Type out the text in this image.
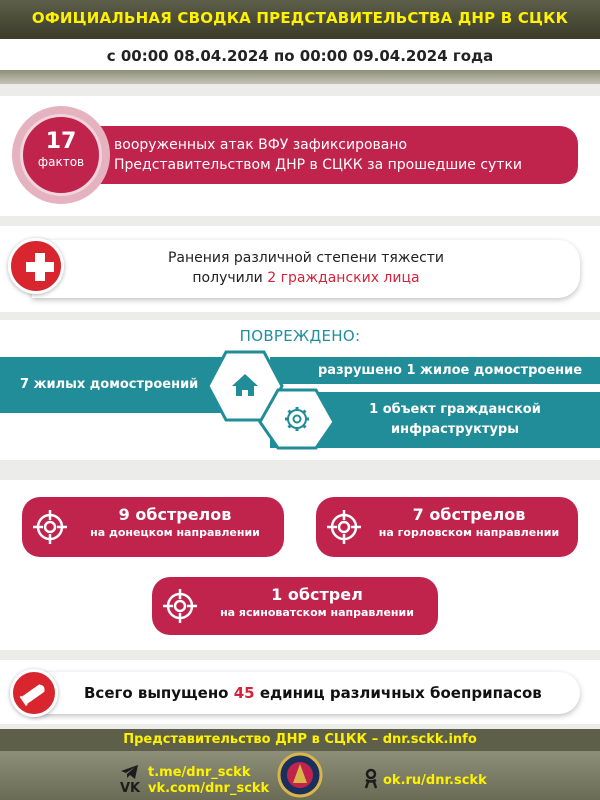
ОФИЦИАЛЬНАЯ СВОДКА ПРЕДСТАВИТЕЛЬСТВА ДНР В СЦКК
с 00:00 08.04.2024 по 00:00 09.04.2024 года
вооруженных атак ВФУ зафиксировано
Представительством ДНР в СЦКК за прошедшие сутки
17
фактов
Ранения различной степени тяжести
получили 2 гражданских лица
ПОВРЕЖДЕНО:
7 жилых домостроений
разрушено 1 жилое домостроение
1 объект гражданской
инфраструктуры
9 обстрелов
на донецком направлении
7 обстрелов
на горловском направлении
1 обстрел
на ясиноватском направлении
Всего выпущено 45 единиц различных боеприпасов
Представительство ДНР в СЦКК – dnr.sckk.info
t.me/dnr_sckk
VK vk.com/dnr_sckk
ok.ru/dnr.sckk
